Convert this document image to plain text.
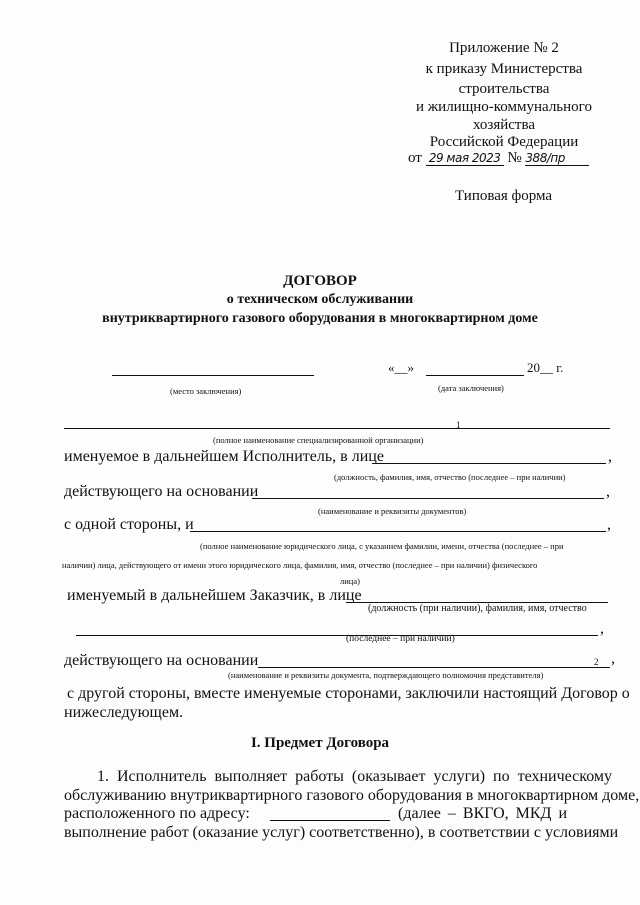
Приложение № 2
к приказу Министерства
строительства
и жилищно-коммунального
хозяйства
Российской Федерации
от 29 мая 2023 № 388/пр
Типовая форма
ДОГОВОР
о техническом обслуживании
внутриквартирного газового оборудования в многоквартирном доме
(место заключения)
«__»	20__ г.
(дата заключения)
1
(полное наименование специализированной организации)
именуемое в дальнейшем Исполнитель, в лице	,
(должность, фамилия, имя, отчество (последнее – при наличии)
действующего на основании	,
(наименование и реквизиты документов)
с одной стороны, и	,
(полное наименование юридического лица, с указанием фамилии, имени, отчества (последнее – при
наличии) лица, действующего от имени этого юридического лица, фамилия, имя, отчество (последнее – при наличии) физического
лица)
именуемый в дальнейшем Заказчик, в лице
(должность (при наличии), фамилия, имя, отчество
,
(последнее – при наличии)
действующего на основании	,
2
(наименование и реквизиты документа, подтверждающего полномочия представителя)
с другой стороны, вместе именуемые сторонами, заключили настоящий Договор о
нижеследующем.
I. Предмет Договора
1. Исполнитель выполняет работы (оказывает услуги) по техническому
обслуживанию внутриквартирного газового оборудования в многоквартирном доме,
расположенного по адресу:	(далее – ВКГО, МКД и
выполнение работ (оказание услуг) соответственно), в соответствии с условиями
